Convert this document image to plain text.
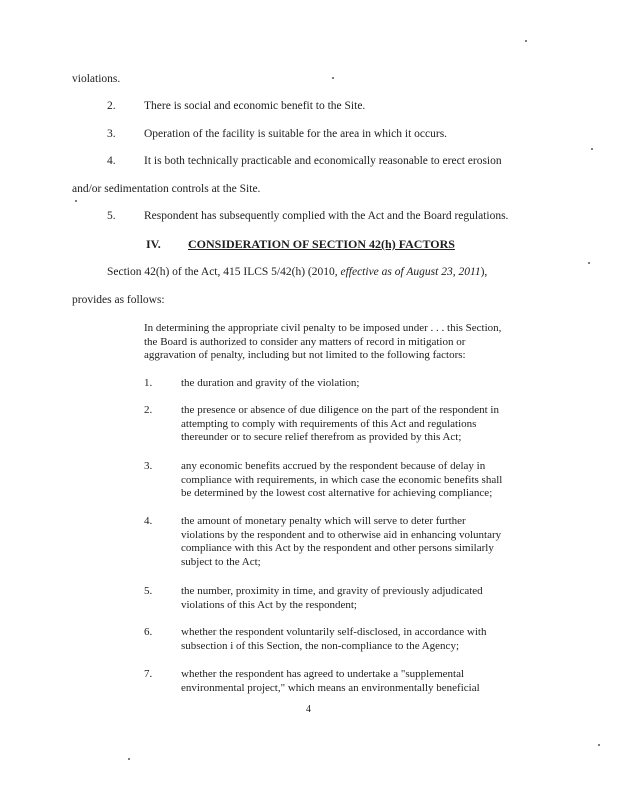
violations.
2. There is social and economic benefit to the Site.
3. Operation of the facility is suitable for the area in which it occurs.
4. It is both technically practicable and economically reasonable to erect erosion
and/or sedimentation controls at the Site.
5. Respondent has subsequently complied with the Act and the Board regulations.
IV. CONSIDERATION OF SECTION 42(h) FACTORS
Section 42(h) of the Act, 415 ILCS 5/42(h) (2010, effective as of August 23, 2011),
provides as follows:
In determining the appropriate civil penalty to be imposed under . . . this Section,
the Board is authorized to consider any matters of record in mitigation or
aggravation of penalty, including but not limited to the following factors:
1.	the duration and gravity of the violation;
2.	the presence or absence of due diligence on the part of the respondent in
attempting to comply with requirements of this Act and regulations
thereunder or to secure relief therefrom as provided by this Act;
3.	any economic benefits accrued by the respondent because of delay in
compliance with requirements, in which case the economic benefits shall
be determined by the lowest cost alternative for achieving compliance;
4.	the amount of monetary penalty which will serve to deter further
violations by the respondent and to otherwise aid in enhancing voluntary
compliance with this Act by the respondent and other persons similarly
subject to the Act;
5.	the number, proximity in time, and gravity of previously adjudicated
violations of this Act by the respondent;
6.	whether the respondent voluntarily self-disclosed, in accordance with
subsection i of this Section, the non-compliance to the Agency;
7.	whether the respondent has agreed to undertake a "supplemental
environmental project," which means an environmentally beneficial
4
